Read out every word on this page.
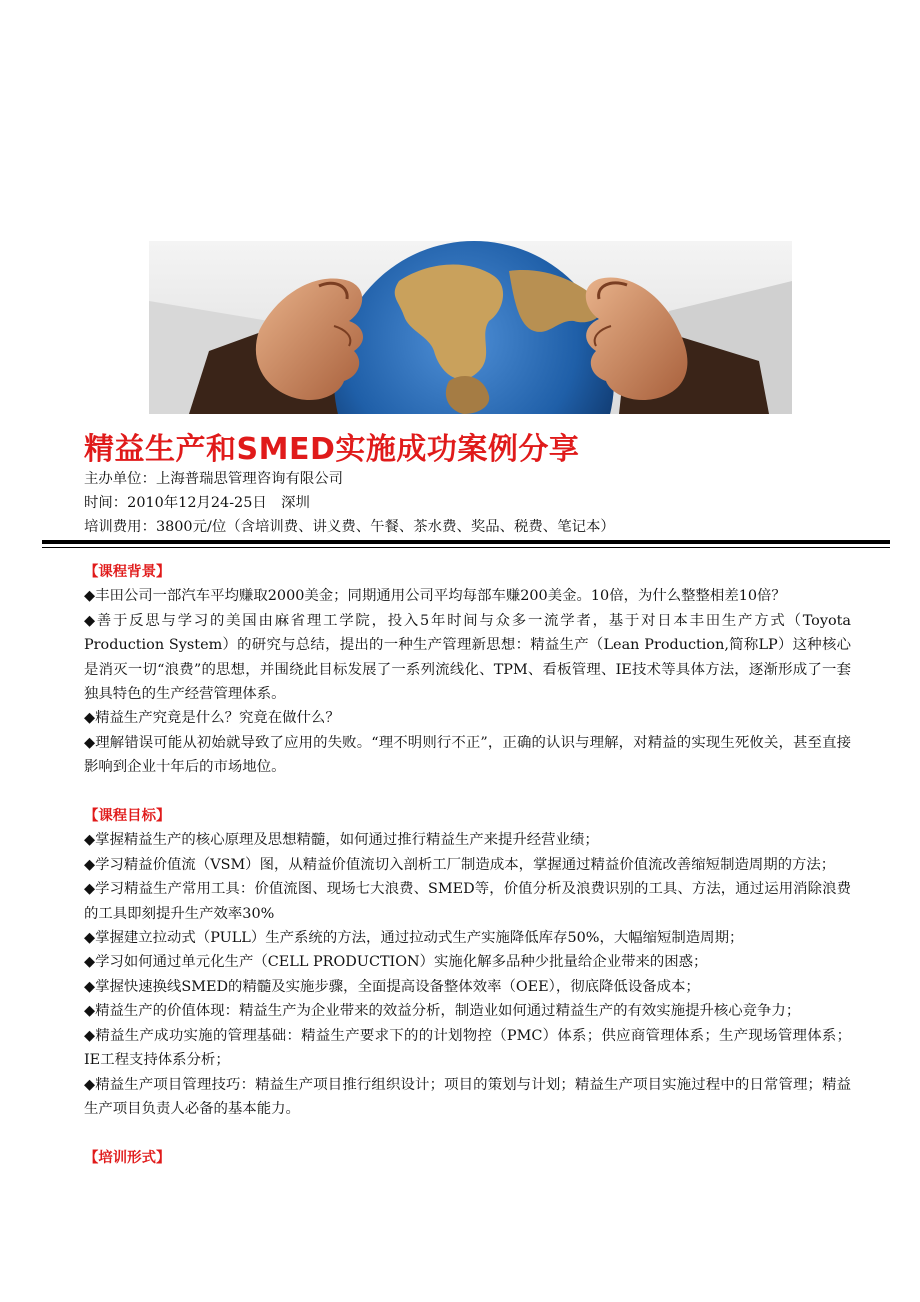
精益生产和SMED实施成功案例分享
主办单位：上海普瑞思管理咨询有限公司
时间：2010年12月24-25日　深圳
培训费用：3800元/位（含培训费、讲义费、午餐、茶水费、奖品、税费、笔记本）
【课程背景】

◆丰田公司一部汽车平均赚取2000美金；同期通用公司平均每部车赚200美金。10倍，为什么整整相差10倍？

◆善于反思与学习的美国由麻省理工学院，投入5年时间与众多一流学者，基于对日本丰田生产方式（Toyota Production System）的研究与总结，提出的一种生产管理新思想：精益生产（Lean Production,简称LP）这种核心是消灭一切“浪费”的思想，并围绕此目标发展了一系列流线化、TPM、看板管理、IE技术等具体方法，逐渐形成了一套独具特色的生产经营管理体系。

◆精益生产究竟是什么？究竟在做什么？

◆理解错误可能从初始就导致了应用的失败。“理不明则行不正”，正确的认识与理解，对精益的实现生死攸关，甚至直接影响到企业十年后的市场地位。

【课程目标】

◆掌握精益生产的核心原理及思想精髓，如何通过推行精益生产来提升经营业绩；

◆学习精益价值流（VSM）图，从精益价值流切入剖析工厂制造成本，掌握通过精益价值流改善缩短制造周期的方法；

◆学习精益生产常用工具：价值流图、现场七大浪费、SMED等，价值分析及浪费识别的工具、方法，通过运用消除浪费的工具即刻提升生产效率30%

◆掌握建立拉动式（PULL）生产系统的方法，通过拉动式生产实施降低库存50%，大幅缩短制造周期；

◆学习如何通过单元化生产（CELL PRODUCTION）实施化解多品种少批量给企业带来的困惑；

◆掌握快速换线SMED的精髓及实施步骤，全面提高设备整体效率（OEE），彻底降低设备成本；

◆精益生产的价值体现：精益生产为企业带来的效益分析，制造业如何通过精益生产的有效实施提升核心竞争力；

◆精益生产成功实施的管理基础：精益生产要求下的的计划物控（PMC）体系；供应商管理体系；生产现场管理体系；IE工程支持体系分析；

◆精益生产项目管理技巧：精益生产项目推行组织设计；项目的策划与计划；精益生产项目实施过程中的日常管理；精益生产项目负责人必备的基本能力。

【培训形式】
